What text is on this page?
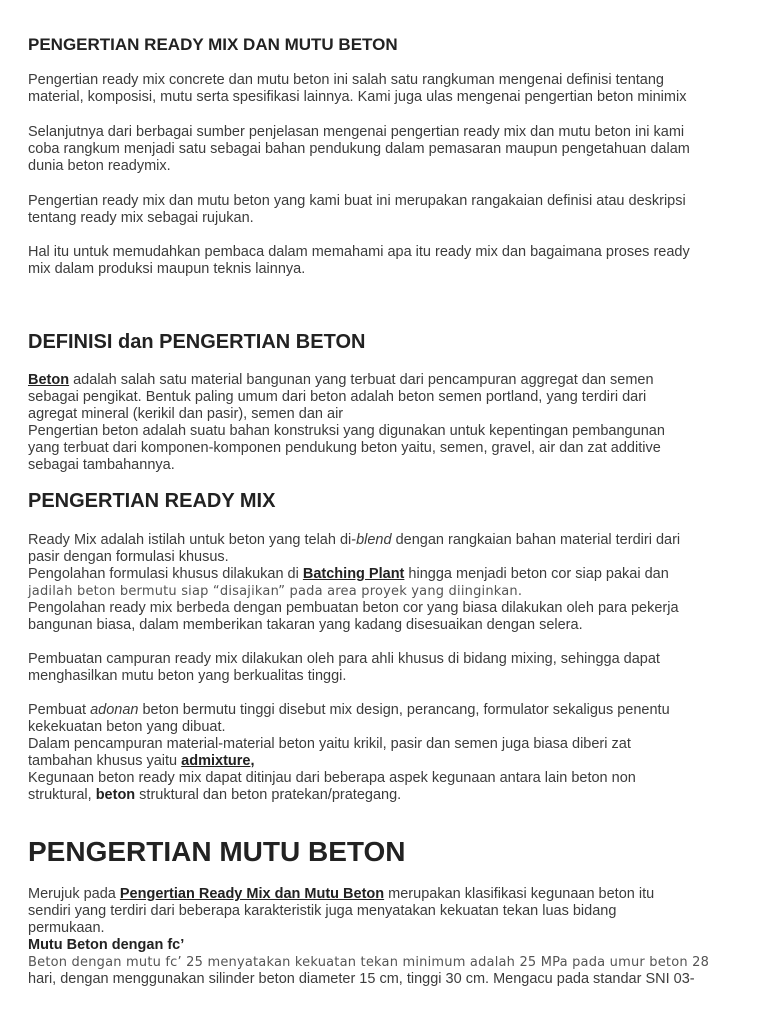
PENGERTIAN READY MIX DAN MUTU BETON
Pengertian ready mix concrete dan mutu beton ini salah satu rangkuman mengenai definisi tentang
material, komposisi, mutu serta spesifikasi lainnya. Kami juga ulas mengenai pengertian beton minimix
Selanjutnya dari berbagai sumber penjelasan mengenai pengertian ready mix dan mutu beton ini kami
coba rangkum menjadi satu sebagai bahan pendukung dalam pemasaran maupun pengetahuan dalam
dunia beton readymix.
Pengertian ready mix dan mutu beton yang kami buat ini merupakan rangakaian definisi atau deskripsi
tentang ready mix sebagai rujukan.
Hal itu untuk memudahkan pembaca dalam memahami apa itu ready mix dan bagaimana proses ready
mix dalam produksi maupun teknis lainnya.
DEFINISI dan PENGERTIAN BETON
Beton adalah salah satu material bangunan yang terbuat dari pencampuran aggregat dan semen
sebagai pengikat. Bentuk paling umum dari beton adalah beton semen portland, yang terdiri dari
agregat mineral (kerikil dan pasir), semen dan air
Pengertian beton adalah suatu bahan konstruksi yang digunakan untuk kepentingan pembangunan
yang terbuat dari komponen-komponen pendukung beton yaitu, semen, gravel, air dan zat additive
sebagai tambahannya.
PENGERTIAN READY MIX
Ready Mix adalah istilah untuk beton yang telah di-blend dengan rangkaian bahan material terdiri dari
pasir dengan formulasi khusus.
Pengolahan formulasi khusus dilakukan di Batching Plant hingga menjadi beton cor siap pakai dan
jadilah beton bermutu siap “disajikan” pada area proyek yang diinginkan.
Pengolahan ready mix berbeda dengan pembuatan beton cor yang biasa dilakukan oleh para pekerja
bangunan biasa, dalam memberikan takaran yang kadang disesuaikan dengan selera.
Pembuatan campuran ready mix dilakukan oleh para ahli khusus di bidang mixing, sehingga dapat
menghasilkan mutu beton yang berkualitas tinggi.
Pembuat adonan beton bermutu tinggi disebut mix design, perancang, formulator sekaligus penentu
kekekuatan beton yang dibuat.
Dalam pencampuran material-material beton yaitu krikil, pasir dan semen juga biasa diberi zat
tambahan khusus yaitu admixture,
Kegunaan beton ready mix dapat ditinjau dari beberapa aspek kegunaan antara lain beton non
struktural, beton struktural dan beton pratekan/prategang.
PENGERTIAN MUTU BETON
Merujuk pada Pengertian Ready Mix dan Mutu Beton merupakan klasifikasi kegunaan beton itu
sendiri yang terdiri dari beberapa karakteristik juga menyatakan kekuatan tekan luas bidang
permukaan.
Mutu Beton dengan fc’
Beton dengan mutu fc’ 25 menyatakan kekuatan tekan minimum adalah 25 MPa pada umur beton 28
hari, dengan menggunakan silinder beton diameter 15 cm, tinggi 30 cm. Mengacu pada standar SNI 03-
